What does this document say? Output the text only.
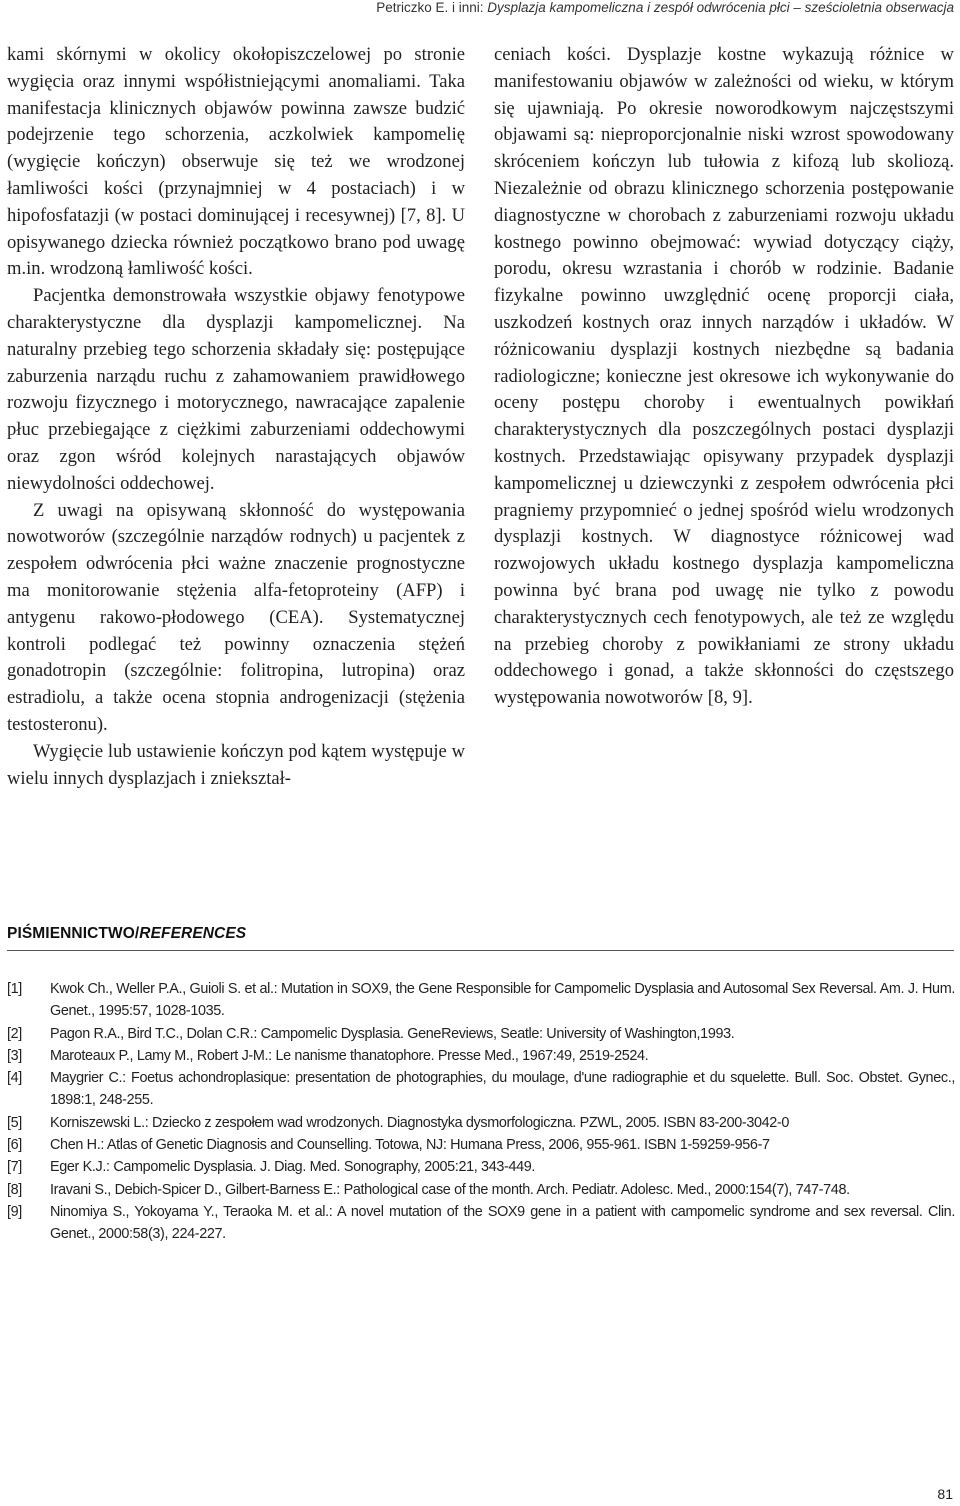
Petriczko E. i inni: Dysplazja kampomeliczna i zespół odwrócenia płci – sześcioletnia obserwacja

kami skórnymi w okolicy okołopiszczelowej po stronie wygięcia oraz innymi współistniejącymi anomaliami. Taka manifestacja klinicznych objawów powinna zawsze budzić podejrzenie tego schorzenia, aczkolwiek kampomelię (wygięcie kończyn) obserwuje się też we wrodzonej łamliwości kości (przynajmniej w 4 postaciach) i w hipofosfatazji (w postaci dominującej i recesywnej) [7, 8]. U opisywanego dziecka również początkowo brano pod uwagę m.in. wrodzoną łamliwość kości.

Pacjentka demonstrowała wszystkie objawy fenotypowe charakterystyczne dla dysplazji kampomelicznej. Na naturalny przebieg tego schorzenia składały się: postępujące zaburzenia narządu ruchu z zahamowaniem prawidłowego rozwoju fizycznego i motorycznego, nawracające zapalenie płuc przebiegające z ciężkimi zaburzeniami oddechowymi oraz zgon wśród kolejnych narastających objawów niewydolności oddechowej.

Z uwagi na opisywaną skłonność do występowania nowotworów (szczególnie narządów rodnych) u pacjentek z zespołem odwrócenia płci ważne znaczenie prognostyczne ma monitorowanie stężenia alfa-fetoproteiny (AFP) i antygenu rakowo-płodowego (CEA). Systematycznej kontroli podlegać też powinny oznaczenia stężeń gonadotropin (szczególnie: folitropina, lutropina) oraz estradiolu, a także ocena stopnia androgenizacji (stężenia testosteronu).

Wygięcie lub ustawienie kończyn pod kątem występuje w wielu innych dysplazjach i zniekształ-

ceniach kości. Dysplazje kostne wykazują różnice w manifestowaniu objawów w zależności od wieku, w którym się ujawniają. Po okresie noworodkowym najczęstszymi objawami są: nieproporcjonalnie niski wzrost spowodowany skróceniem kończyn lub tułowia z kifozą lub skoliozą. Niezależnie od obrazu klinicznego schorzenia postępowanie diagnostyczne w chorobach z zaburzeniami rozwoju układu kostnego powinno obejmować: wywiad dotyczący ciąży, porodu, okresu wzrastania i chorób w rodzinie. Badanie fizykalne powinno uwzględnić ocenę proporcji ciała, uszkodzeń kostnych oraz innych narządów i układów. W różnicowaniu dysplazji kostnych niezbędne są badania radiologiczne; konieczne jest okresowe ich wykonywanie do oceny postępu choroby i ewentualnych powikłań charakterystycznych dla poszczególnych postaci dysplazji kostnych. Przedstawiając opisywany przypadek dysplazji kampomelicznej u dziewczynki z zespołem odwrócenia płci pragniemy przypomnieć o jednej spośród wielu wrodzonych dysplazji kostnych. W diagnostyce różnicowej wad rozwojowych układu kostnego dysplazja kampomeliczna powinna być brana pod uwagę nie tylko z powodu charakterystycznych cech fenotypowych, ale też ze względu na przebieg choroby z powikłaniami ze strony układu oddechowego i gonad, a także skłonności do częstszego występowania nowotworów [8, 9].

PIŚMIENNICTWO/REFERENCES
[1]	Kwok Ch., Weller P.A., Guioli S. et al.: Mutation in SOX9, the Gene Responsible for Campomelic Dysplasia and Autosomal Sex Reversal. Am. J. Hum. Genet., 1995:57, 1028-1035.
[2]	Pagon R.A., Bird T.C., Dolan C.R.: Campomelic Dysplasia. GeneReviews, Seatle: University of Washington,1993.
[3]	Maroteaux P., Lamy M., Robert J-M.: Le nanisme thanatophore. Presse Med., 1967:49, 2519-2524.
[4]	Maygrier C.: Foetus achondroplasique: presentation de photographies, du moulage, d'une radiographie et du squelette. Bull. Soc. Obstet. Gynec., 1898:1, 248-255.
[5]	Korniszewski L.: Dziecko z zespołem wad wrodzonych. Diagnostyka dysmorfologiczna. PZWL, 2005. ISBN 83-200-3042-0
[6]	Chen H.: Atlas of Genetic Diagnosis and Counselling. Totowa, NJ: Humana Press, 2006, 955-961. ISBN 1-59259-956-7
[7]	Eger K.J.: Campomelic Dysplasia. J. Diag. Med. Sonography, 2005:21, 343-449.
[8]	Iravani S., Debich-Spicer D., Gilbert-Barness E.: Pathological case of the month. Arch. Pediatr. Adolesc. Med., 2000:154(7), 747-748.
[9]	Ninomiya S., Yokoyama Y., Teraoka M. et al.: A novel mutation of the SOX9 gene in a patient with campomelic syndrome and sex reversal. Clin. Genet., 2000:58(3), 224-227.
81
